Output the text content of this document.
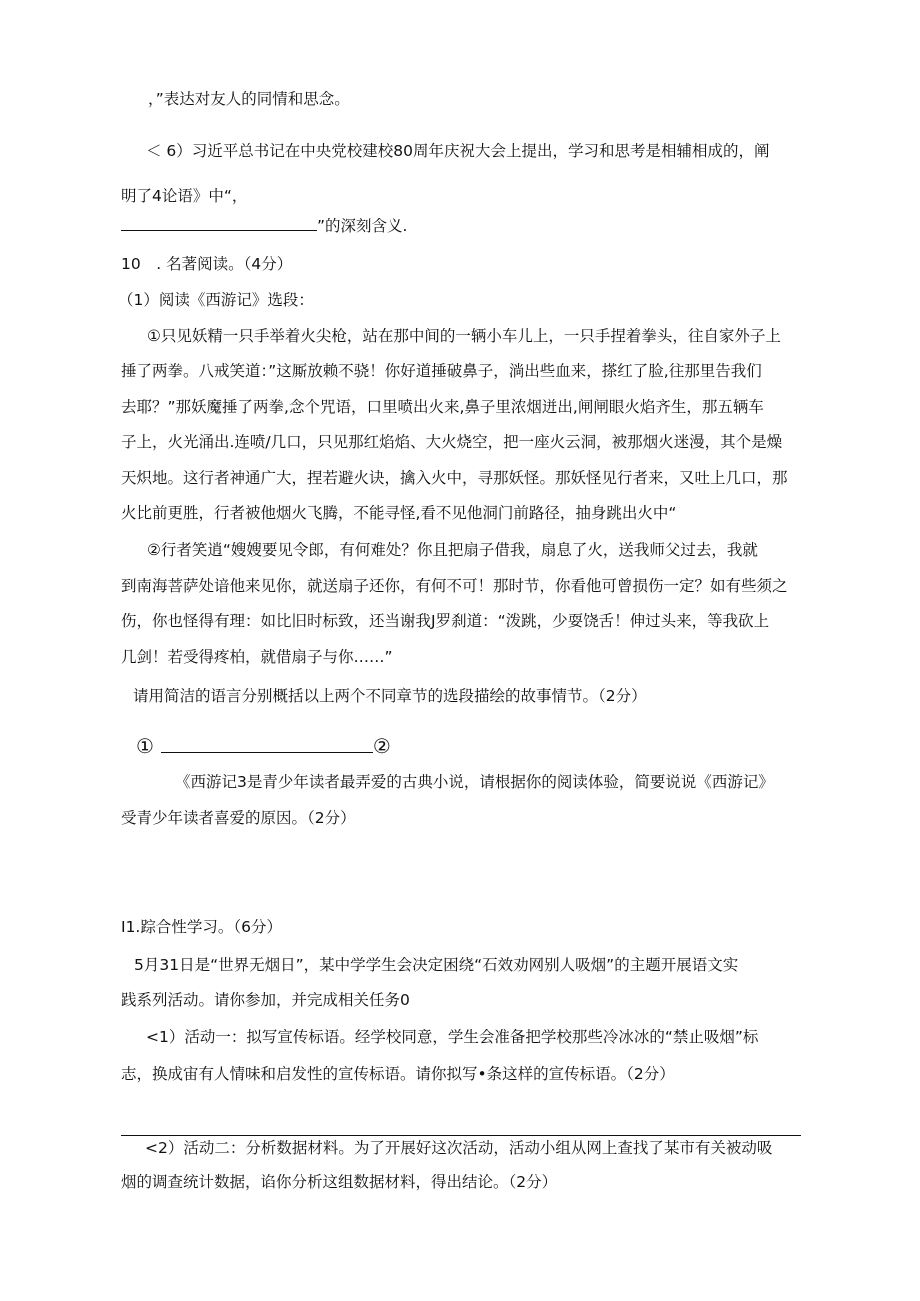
，”表达对友人的同情和思念。
＜ 6）习近平总书记在中央党校建校80周年庆祝大会上提出，学习和思考是相辅相成的，阐
明了4论语》中“，
”的深刻含义.
10　. 名著阅读。（4分）
（1）阅读《西游记》选段：
①只见妖精一只手举着火尖枪，站在那中间的一辆小车儿上，一只手捏着拳头，往自家外子上
捶了两拳。八戒笑道：”这厮放赖不骁！你好道捶破鼻子，淌出些血来，搽红了脸,往那里告我们
去耶？”那妖魔捶了两拳,念个咒语，口里喷出火来,鼻子里浓烟迸出,闸闸眼火焰齐生，那五辆车
子上，火光涌出.连喷/几口，只见那红焰焰、大火烧空，把一座火云洞，被那烟火迷漫，其个是燥
天炽地。这行者神通广大，捏若避火诀，擒入火中，寻那妖怪。那妖怪见行者来，又吐上几口，那
火比前更胜，行者被他烟火飞腾，不能寻怪,看不见他洞门前路径，抽身跳出火中“
②行者笑逍“嫂嫂要见令郎，有何难处？你且把扇子借我，扇息了火，送我师父过去，我就
到南海菩萨处谙他来见你，就送扇子还你，有何不可！那时节，你看他可曾损伤一定？如有些须之
伤，你也怪得有理：如比旧时标致，还当谢我J罗刹道：“泼跳，少耍饶舌！伸过头来，等我砍上
几剑！若受得疼柏，就借扇子与你……”
请用简洁的语言分别概括以上两个不同章节的选段描绘的故事情节。（2分）
①	②
《西游记3是青少年读者最弄爱的古典小说，请根据你的阅读体验，简要说说《西游记》
受青少年读者喜爱的原因。（2分）
I1.踪合性学习。（6分）
5月31日是“世界无烟日”，某中学学生会决定困绕“石效劝网别人吸烟”的主题开展语文实
践系列活动。请你参加，并完成相关任务0
<1）活动一：拟写宣传标语。经学校同意，学生会准备把学校那些冷冰冰的“禁止吸烟”标
志，换成宙有人情味和启发性的宣传标语。请你拟写•条这样的宣传标语。（2分）
<2）活动二：分析数据材料。为了开展好这次活动，活动小组从网上查找了某市有关被动吸
烟的调查统计数据，谄你分析这组数据材料，得出结论。（2分）
